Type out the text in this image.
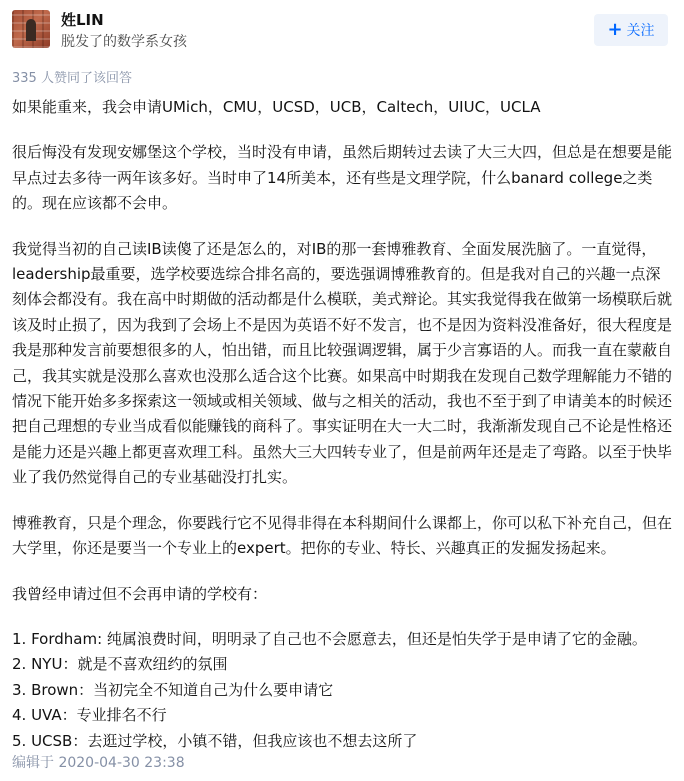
姓LIN
脱发了的数学系女孩
+ 关注
335 人赞同了该回答

如果能重来，我会申请UMich，CMU，UCSD，UCB，Caltech，UIUC，UCLA

很后悔没有发现安娜堡这个学校，当时没有申请，虽然后期转过去读了大三大四，但总是在想要是能早点过去多待一两年该多好。当时申了14所美本，还有些是文理学院，什么banard college之类的。现在应该都不会申。

我觉得当初的自己读IB读傻了还是怎么的，对IB的那一套博雅教育、全面发展洗脑了。一直觉得，leadership最重要，选学校要选综合排名高的，要选强调博雅教育的。但是我对自己的兴趣一点深刻体会都没有。我在高中时期做的活动都是什么模联，美式辩论。其实我觉得我在做第一场模联后就该及时止损了，因为我到了会场上不是因为英语不好不发言，也不是因为资料没准备好，很大程度是我是那种发言前要想很多的人，怕出错，而且比较强调逻辑，属于少言寡语的人。而我一直在蒙蔽自己，我其实就是没那么喜欢也没那么适合这个比赛。如果高中时期我在发现自己数学理解能力不错的情况下能开始多多探索这一领域或相关领域、做与之相关的活动，我也不至于到了申请美本的时候还把自己理想的专业当成看似能赚钱的商科了。事实证明在大一大二时，我渐渐发现自己不论是性格还是能力还是兴趣上都更喜欢理工科。虽然大三大四转专业了，但是前两年还是走了弯路。以至于快毕业了我仍然觉得自己的专业基础没打扎实。

博雅教育，只是个理念，你要践行它不见得非得在本科期间什么课都上，你可以私下补充自己，但在大学里，你还是要当一个专业上的expert。把你的专业、特长、兴趣真正的发掘发扬起来。

我曾经申请过但不会再申请的学校有：

1. Fordham: 纯属浪费时间，明明录了自己也不会愿意去，但还是怕失学于是申请了它的金融。

2. NYU：就是不喜欢纽约的氛围

3. Brown：当初完全不知道自己为什么要申请它

4. UVA：专业排名不行

5. UCSB：去逛过学校，小镇不错，但我应该也不想去这所了

编辑于 2020-04-30 23:38
